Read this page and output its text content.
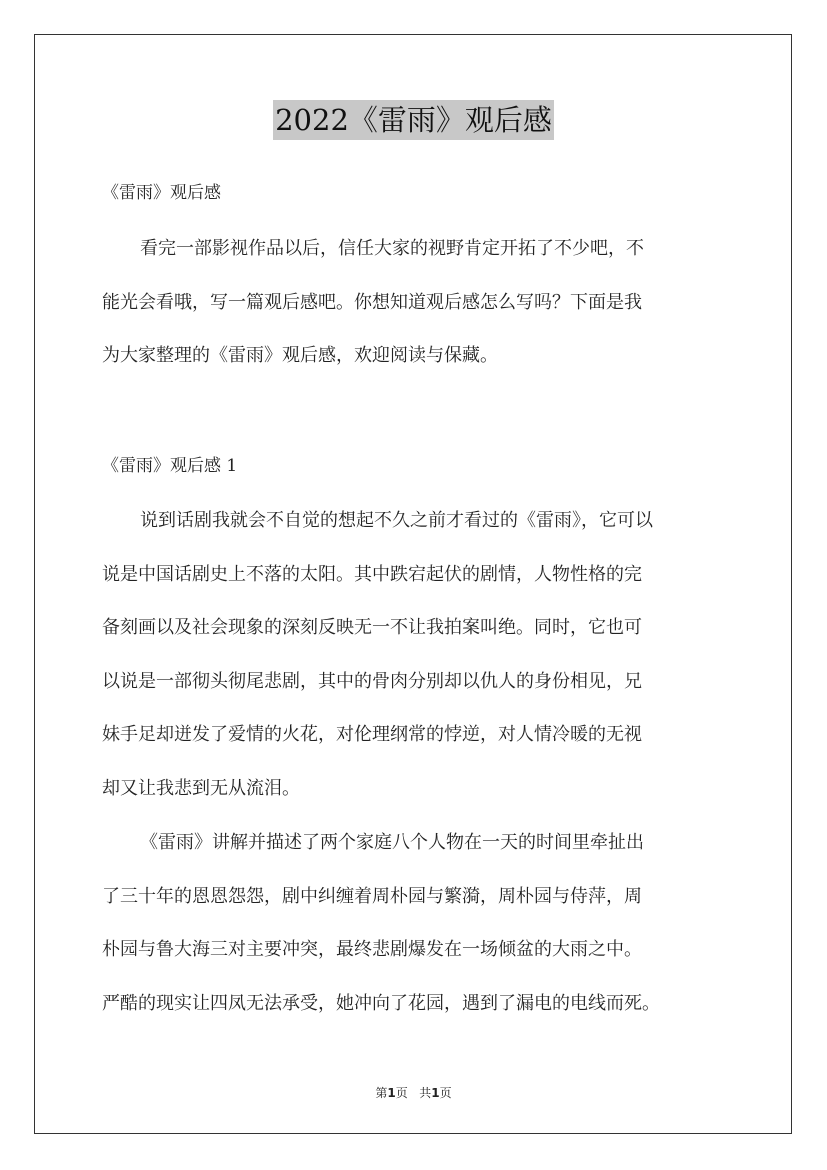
2022《雷雨》观后感
《雷雨》观后感
看完一部影视作品以后，信任大家的视野肯定开拓了不少吧，不
能光会看哦，写一篇观后感吧。你想知道观后感怎么写吗？下面是我
为大家整理的《雷雨》观后感，欢迎阅读与保藏。
《雷雨》观后感 1
说到话剧我就会不自觉的想起不久之前才看过的《雷雨》，它可以
说是中国话剧史上不落的太阳。其中跌宕起伏的剧情，人物性格的完
备刻画以及社会现象的深刻反映无一不让我拍案叫绝。同时，它也可
以说是一部彻头彻尾悲剧，其中的骨肉分别却以仇人的身份相见，兄
妹手足却迸发了爱情的火花，对伦理纲常的悖逆，对人情冷暖的无视
却又让我悲到无从流泪。
《雷雨》讲解并描述了两个家庭八个人物在一天的时间里牵扯出
了三十年的恩恩怨怨，剧中纠缠着周朴园与繁漪，周朴园与侍萍，周
朴园与鲁大海三对主要冲突，最终悲剧爆发在一场倾盆的大雨之中。
严酷的现实让四凤无法承受，她冲向了花园，遇到了漏电的电线而死。
第1页 共1页
